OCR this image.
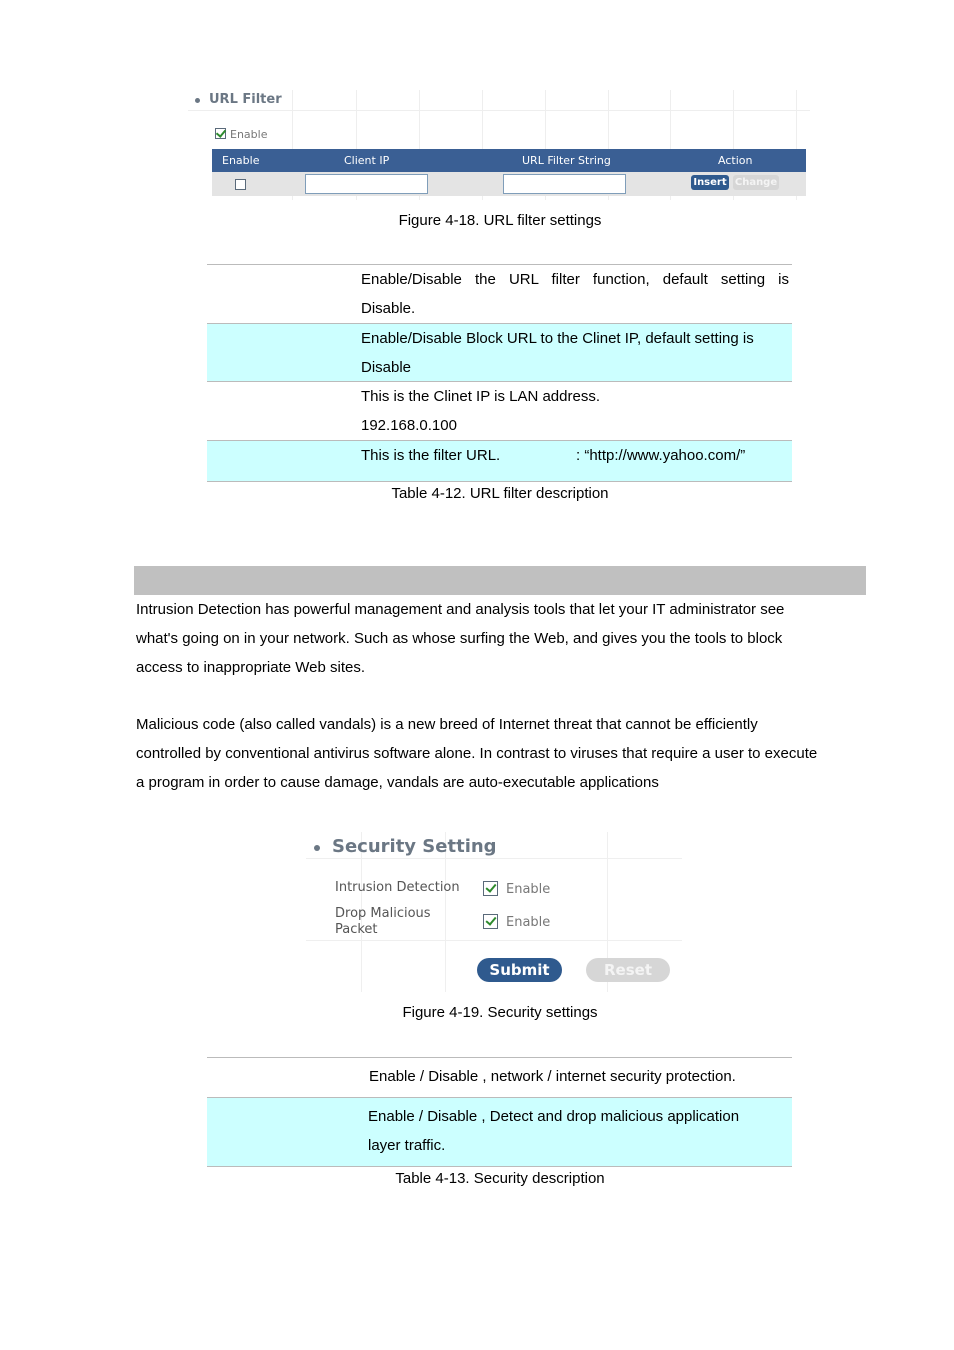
URL Filter
Enable
Enable	Client IP	URL Filter String	Action
Insert Change
Figure 4-18. URL filter settings
Enable/Disable the URL filter function, default setting is
Disable.
Enable/Disable Block URL to the Clinet IP, default setting is
Disable
This is the Clinet IP is LAN address.
192.168.0.100
This is the filter URL.	: “http://www.yahoo.com/”
Table 4-12. URL filter description
Intrusion Detection has powerful management and analysis tools that let your IT administrator see
what's going on in your network. Such as whose surfing the Web, and gives you the tools to block
access to inappropriate Web sites.
Malicious code (also called vandals) is a new breed of Internet threat that cannot be efficiently
controlled by conventional antivirus software alone. In contrast to viruses that require a user to execute
a program in order to cause damage, vandals are auto-executable applications
Security Setting
Intrusion Detection	Enable
Drop Malicious
Packet	Enable
Submit	Reset
Figure 4-19. Security settings
Enable / Disable , network / internet security protection.
Enable / Disable , Detect and drop malicious application
layer traffic.
Table 4-13. Security description
